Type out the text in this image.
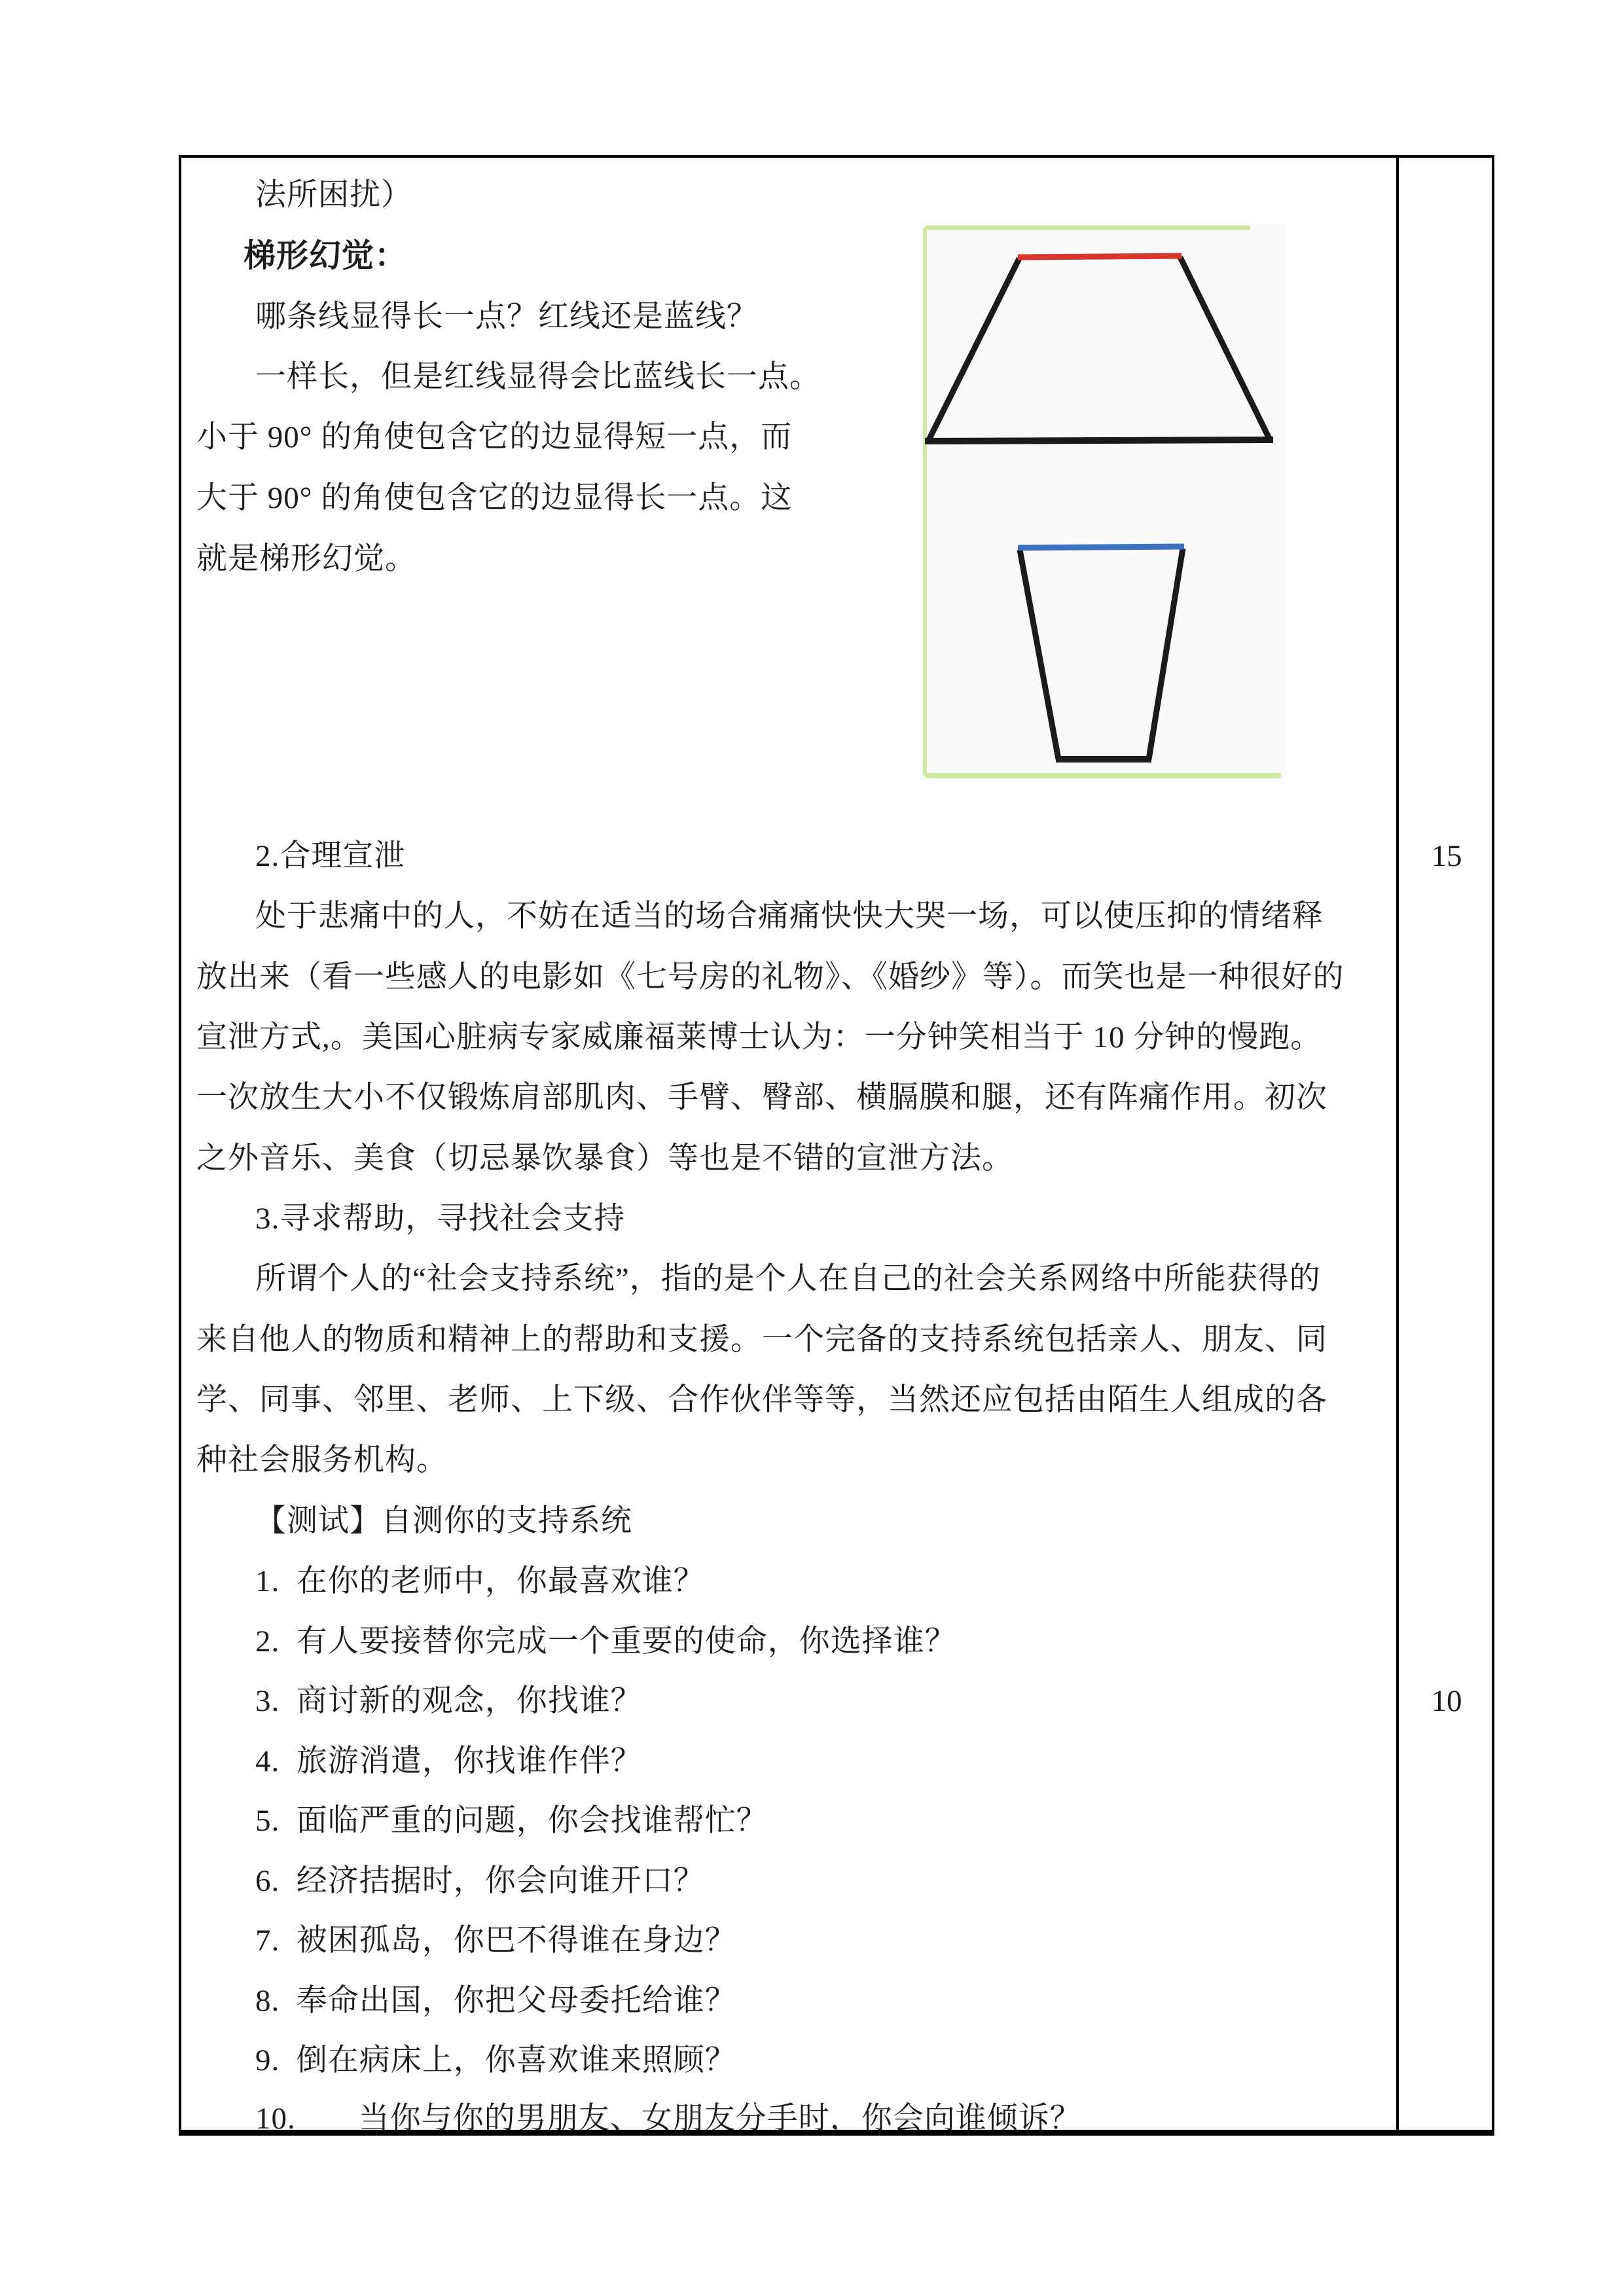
法所困扰）
梯形幻觉：
哪条线显得长一点？红线还是蓝线？
一样长，但是红线显得会比蓝线长一点。
小于 90° 的角使包含它的边显得短一点，而
大于 90° 的角使包含它的边显得长一点。这
就是梯形幻觉。
2.合理宣泄
处于悲痛中的人，不妨在适当的场合痛痛快快大哭一场，可以使压抑的情绪释
放出来（看一些感人的电影如《七号房的礼物》、《婚纱》等）。而笑也是一种很好的
宣泄方式,。美国心脏病专家威廉福莱博士认为：一分钟笑相当于 10 分钟的慢跑。
一次放生大小不仅锻炼肩部肌肉、手臂、臀部、横膈膜和腿，还有阵痛作用。初次
之外音乐、美食（切忌暴饮暴食）等也是不错的宣泄方法。
3.寻求帮助，寻找社会支持
所谓个人的“社会支持系统”，指的是个人在自己的社会关系网络中所能获得的
来自他人的物质和精神上的帮助和支援。一个完备的支持系统包括亲人、朋友、同
学、同事、邻里、老师、上下级、合作伙伴等等，当然还应包括由陌生人组成的各
种社会服务机构。
【测试】自测你的支持系统
1.  在你的老师中，你最喜欢谁？
2.  有人要接替你完成一个重要的使命，你选择谁？
3.  商讨新的观念，你找谁？
4.  旅游消遣，你找谁作伴？
5.  面临严重的问题，你会找谁帮忙？
6.  经济拮据时，你会向谁开口？
7.  被困孤岛，你巴不得谁在身边？
8.  奉命出国，你把父母委托给谁？
9.  倒在病床上，你喜欢谁来照顾？
10.　　当你与你的男朋友、女朋友分手时，你会向谁倾诉？
15
10
